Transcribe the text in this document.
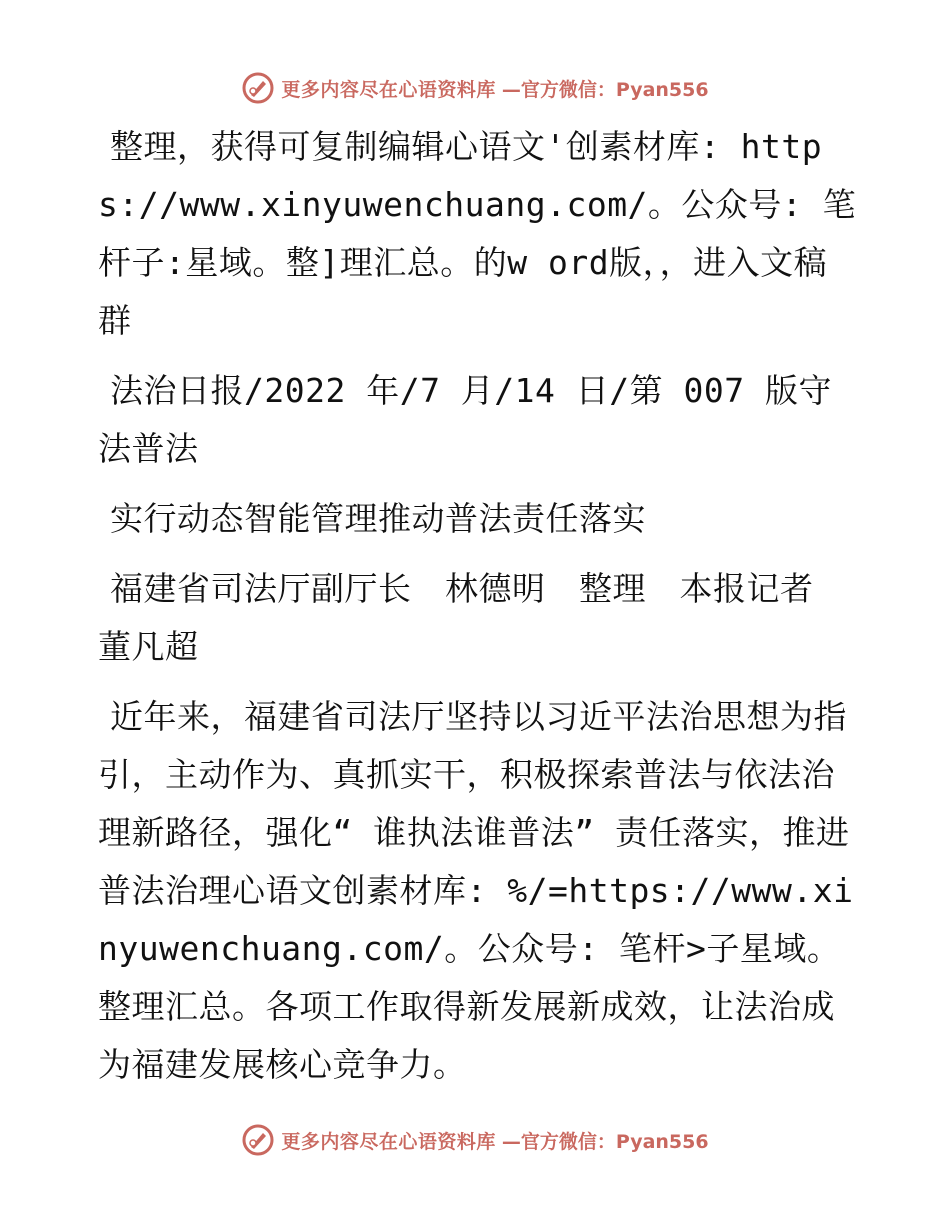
更多内容尽在心语资料库 —官方微信：Pyan556

整理，获得可复制编辑心语文'创素材库: https://www.xinyuwenchuang.com/。公众号: 笔杆子:星域。整]理汇总。的w ord版，，进入文稿群

法治日报/2022 年/7 月/14 日/第 007 版守法普法

实行动态智能管理推动普法责任落实

福建省司法厅副厅长　林德明　整理　本报记者　董凡超

近年来，福建省司法厅坚持以习近平法治思想为指引，主动作为、真抓实干，积极探索普法与依法治理新路径，强化“ 谁执法谁普法” 责任落实，推进普法治理心语文创素材库: %/=https://www.xinyuwenchuang.com/。公众号: 笔杆>子星域。整理汇总。各项工作取得新发展新成效，让法治成为福建发展核心竞争力。

更多内容尽在心语资料库 —官方微信：Pyan556
